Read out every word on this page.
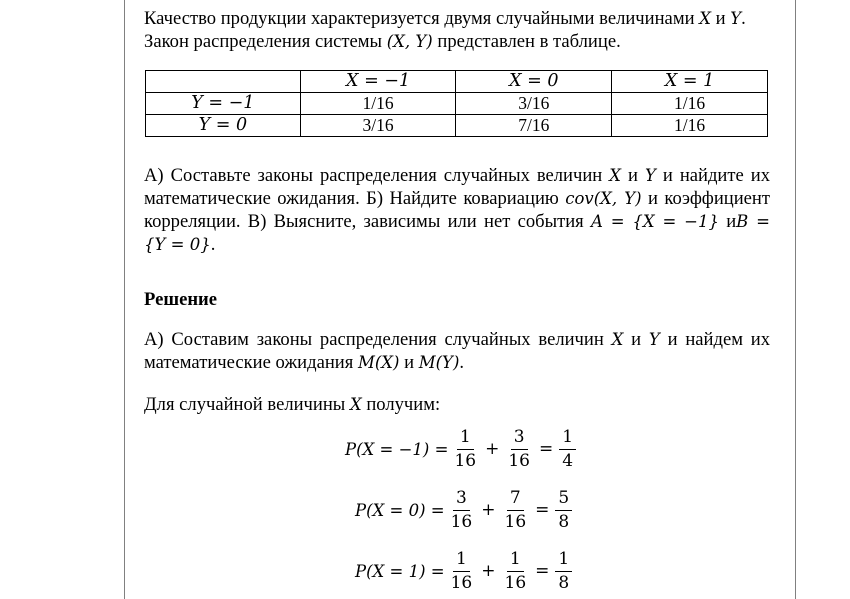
Качество продукции характеризуется двумя случайными величинами X и Y.
Закон распределения системы (X, Y) представлен в таблице.

	X = −1	X = 0	X = 1
Y = −1	1/16	3/16	1/16
Y = 0	3/16	7/16	1/16

А) Составьте законы распределения случайных величин X и Y и найдите их

математические ожидания. Б) Найдите ковариацию cov(X, Y) и коэффициент

корреляции. В) Выясните, зависимы или нет события A = {X = −1} иB =

{Y = 0}.

Решение

А) Составим законы распределения случайных величин X и Y и найдем их

математические ожидания M(X) и M(Y).

Для случайной величины X получим:

$P(X = -1) = \frac{1}{16} + \frac{3}{16} = \frac{1}{4}$
$P(X = 0) = \frac{3}{16} + \frac{7}{16} = \frac{5}{8}$
$P(X = 1) = \frac{1}{16} + \frac{1}{16} = \frac{1}{8}$
